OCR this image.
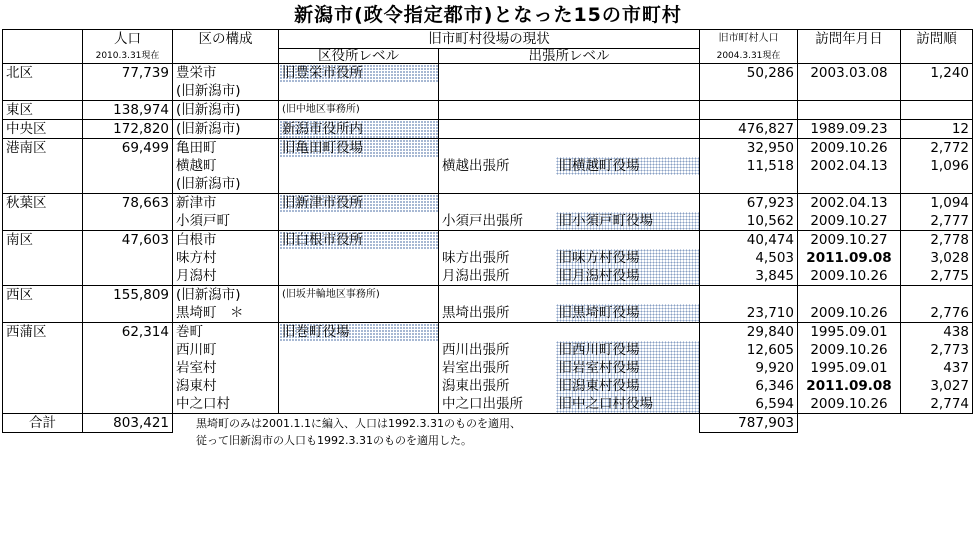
新潟市(政令指定都市)となった15の市町村
	人口	区の構成	旧市町村役場の現状			旧市町村人口	訪問年月日	訪問順
	2010.3.31現在		区役所レベル	出張所レベル		2004.3.31現在		
北区	77,739	豊栄市	旧豊栄市役所			50,286	2003.03.08	1,240
		(旧新潟市)						
東区	138,974	(旧新潟市)	(旧中地区事務所)					
中央区	172,820	(旧新潟市)	新潟市役所内			476,827	1989.09.23	12
港南区	69,499	亀田町	旧亀田町役場			32,950	2009.10.26	2,772
		横越町		横越出張所	旧横越町役場	11,518	2002.04.13	1,096
		(旧新潟市)						
秋葉区	78,663	新津市	旧新津市役所			67,923	2002.04.13	1,094
		小須戸町		小須戸出張所	旧小須戸町役場	10,562	2009.10.27	2,777
南区	47,603	白根市	旧白根市役所			40,474	2009.10.27	2,778
		味方村		味方出張所	旧味方村役場	4,503	2011.09.08	3,028
		月潟村		月潟出張所	旧月潟村役場	3,845	2009.10.26	2,775
西区	155,809	(旧新潟市)	(旧坂井輪地区事務所)					
		黒埼町　＊		黒埼出張所	旧黒埼町役場	23,710	2009.10.26	2,776
西蒲区	62,314	巻町	旧巻町役場			29,840	1995.09.01	438
		西川町		西川出張所	旧西川町役場	12,605	2009.10.26	2,773
		岩室村		岩室出張所	旧岩室村役場	9,920	1995.09.01	437
		潟東村		潟東出張所	旧潟東村役場	6,346	2011.09.08	3,027
		中之口村		中之口出張所	旧中之口村役場	6,594	2009.10.26	2,774
合計	803,421					787,903		
黒埼町のみは2001.1.1に編入、人口は1992.3.31のものを適用、
従って旧新潟市の人口も1992.3.31のものを適用した。
